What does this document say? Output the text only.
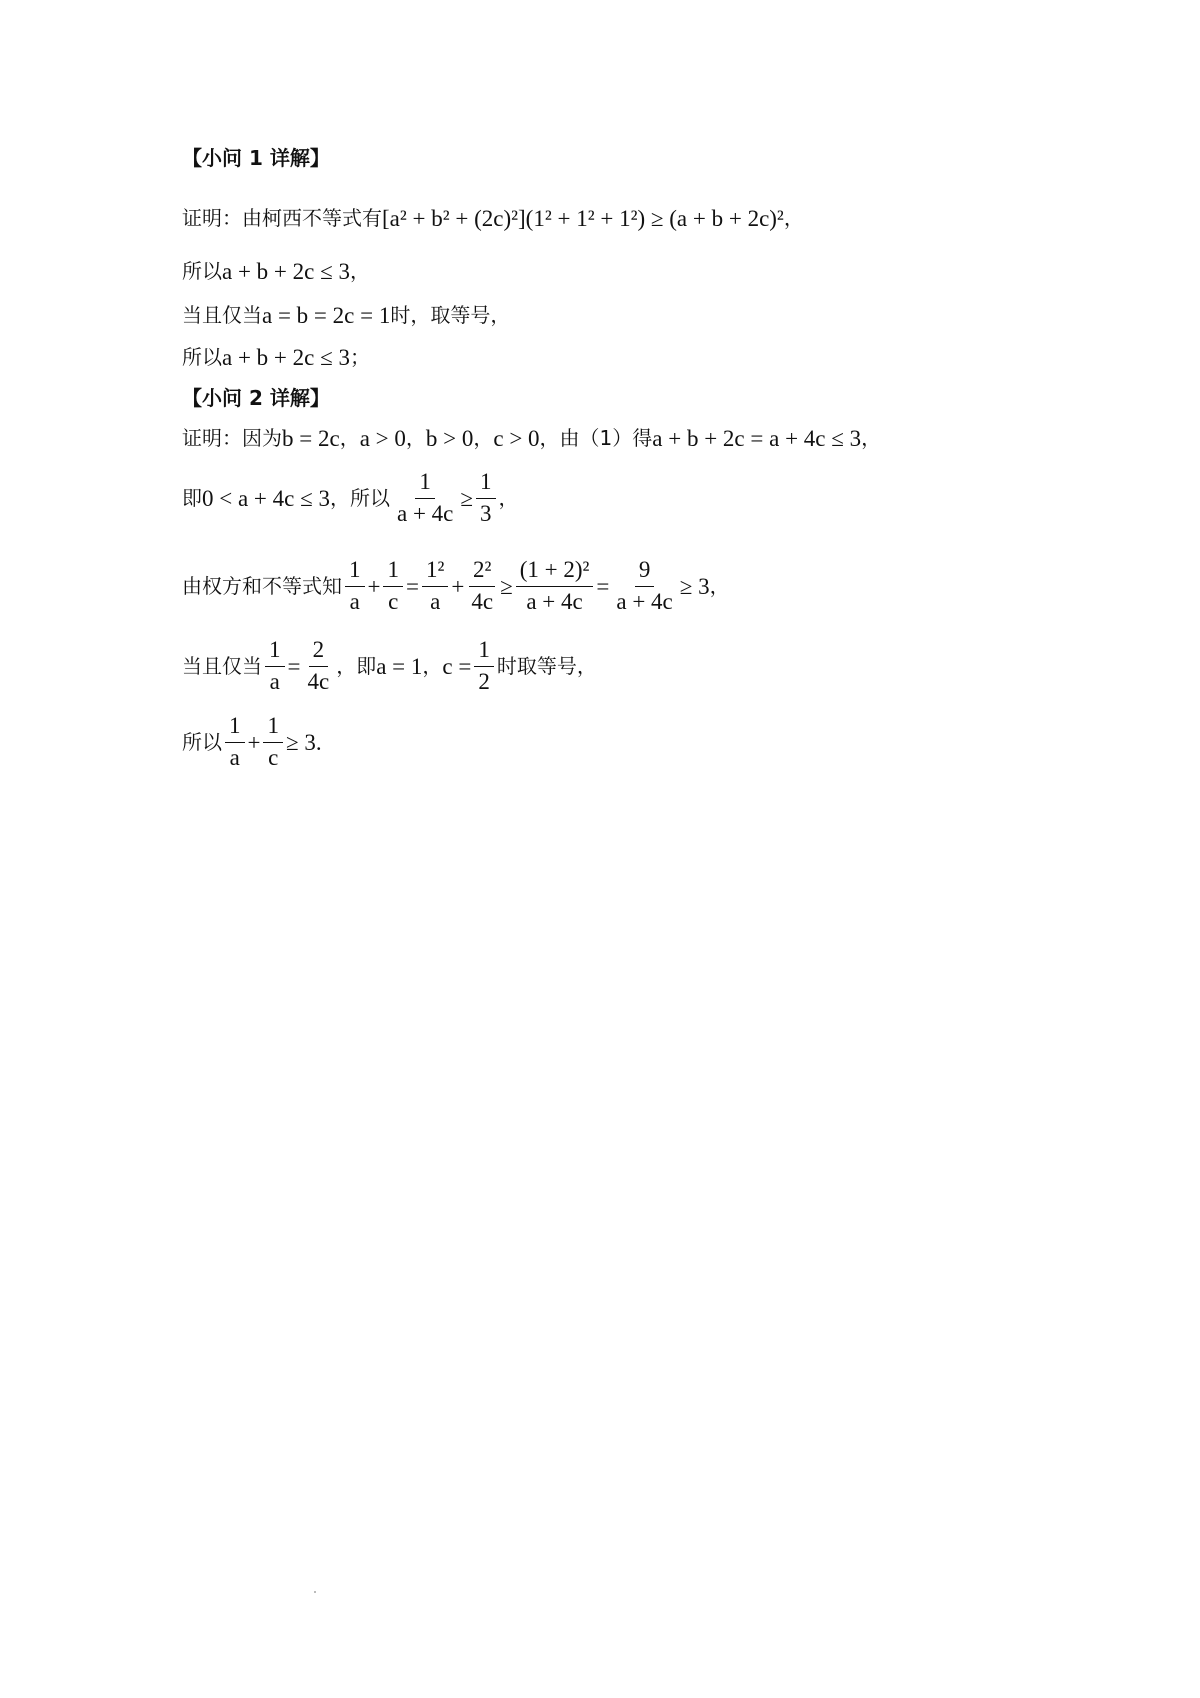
【小问 1 详解】
证明：由柯西不等式有 [a² + b² + (2c)²](1² + 1² + 1²) ≥ (a + b + 2c)² ，
所以 a + b + 2c ≤ 3 ，
当且仅当 a = b = 2c = 1 时，取等号，
所以 a + b + 2c ≤ 3 ；
【小问 2 详解】
证明：因为 b = 2c ， a > 0 ， b > 0 ， c > 0 ，由（1）得 a + b + 2c = a + 4c ≤ 3 ，
即 0 < a + 4c ≤ 3 ，所以 $\frac{1}{a + 4c} \ge \frac{1}{3}$ ，
由权方和不等式知 $\frac{1}{a} + \frac{1}{c} = \frac{\text{1²}}{a} + \frac{\text{2²}}{4c} \ge \frac{\text{(1 + 2)²}}{a + 4c} = \frac{9}{a + 4c} \ge 3$ ，
当且仅当 $\frac{1}{a} = \frac{2}{4c}$ ，即 a = 1 ， $c = \frac{1}{2}$ 时取等号，
所以 $\frac{1}{a} + \frac{1}{c} \ge 3$ .
